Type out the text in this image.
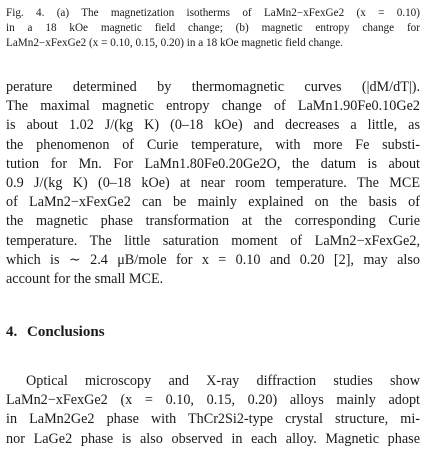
Fig. 4. (a) The magnetization isotherms of LaMn2−xFexGe2 (x = 0.10)
in a 18 kOe magnetic field change; (b) magnetic entropy change for
LaMn2−xFexGe2 (x = 0.10, 0.15, 0.20) in a 18 kOe magnetic field change.
perature determined by thermomagnetic curves (|dM/dT|).
The maximal magnetic entropy change of LaMn1.90Fe0.10Ge2
is about 1.02 J/(kg K) (0–18 kOe) and decreases a little, as
the phenomenon of Curie temperature, with more Fe substi-
tution for Mn. For LaMn1.80Fe0.20Ge2O, the datum is about
0.9 J/(kg K) (0–18 kOe) at near room temperature. The MCE
of LaMn2−xFexGe2 can be mainly explained on the basis of
the magnetic phase transformation at the corresponding Curie
temperature. The little saturation moment of LaMn2−xFexGe2,
which is ∼ 2.4 μB/mole for x = 0.10 and 0.20 [2], may also
account for the small MCE.
4. Conclusions
Optical microscopy and X-ray diffraction studies show
LaMn2−xFexGe2 (x = 0.10, 0.15, 0.20) alloys mainly adopt
in LaMn2Ge2 phase with ThCr2Si2-type crystal structure, mi-
nor LaGe2 phase is also observed in each alloy. Magnetic phase
